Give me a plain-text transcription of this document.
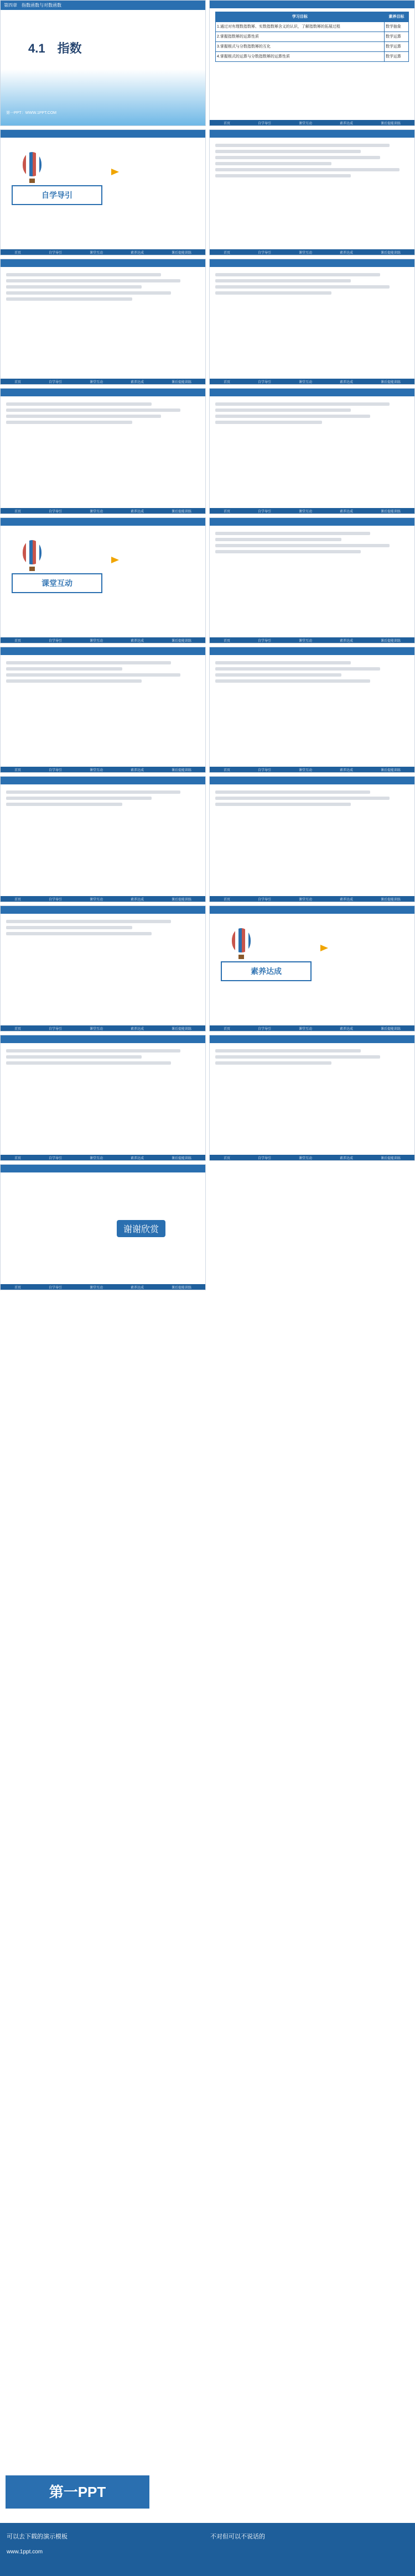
第四章　指数函数与对数函数
4.1　指数
第一PPT：WWW.1PPT.COM
学习目标	素养目标
1.通过对有理数指数幂、实数指数幂含义的认识，了解指数幂的拓展过程	数学抽象
2.掌握指数幂的运算性质	数学运算
3.掌握根式与分数指数幂的互化	数学运算
4.掌握根式的运算与分数指数幂的运算性质	数学运算
首页	自学导引	课堂互动	素养达成	课后提能训练
自学导引
首页	自学导引	课堂互动	素养达成	课后提能训练	首页	自学导引	课堂互动	素养达成	课后提能训练
首页	自学导引	课堂互动	素养达成	课后提能训练	首页	自学导引	课堂互动	素养达成	课后提能训练
首页	自学导引	课堂互动	素养达成	课后提能训练	首页	自学导引	课堂互动	素养达成	课后提能训练
课堂互动
首页	自学导引	课堂互动	素养达成	课后提能训练	首页	自学导引	课堂互动	素养达成	课后提能训练
首页	自学导引	课堂互动	素养达成	课后提能训练	首页	自学导引	课堂互动	素养达成	课后提能训练
首页	自学导引	课堂互动	素养达成	课后提能训练	首页	自学导引	课堂互动	素养达成	课后提能训练
首页	自学导引	课堂互动	素养达成	课后提能训练
素养达成
首页	自学导引	课堂互动	素养达成	课后提能训练
首页	自学导引	课堂互动	素养达成	课后提能训练	首页	自学导引	课堂互动	素养达成	课后提能训练
谢谢欣赏
首页	自学导引	课堂互动	素养达成	课后提能训练
第一PPT
可以去下载的演示模板	不对但可以不说话的
www.1ppt.com
